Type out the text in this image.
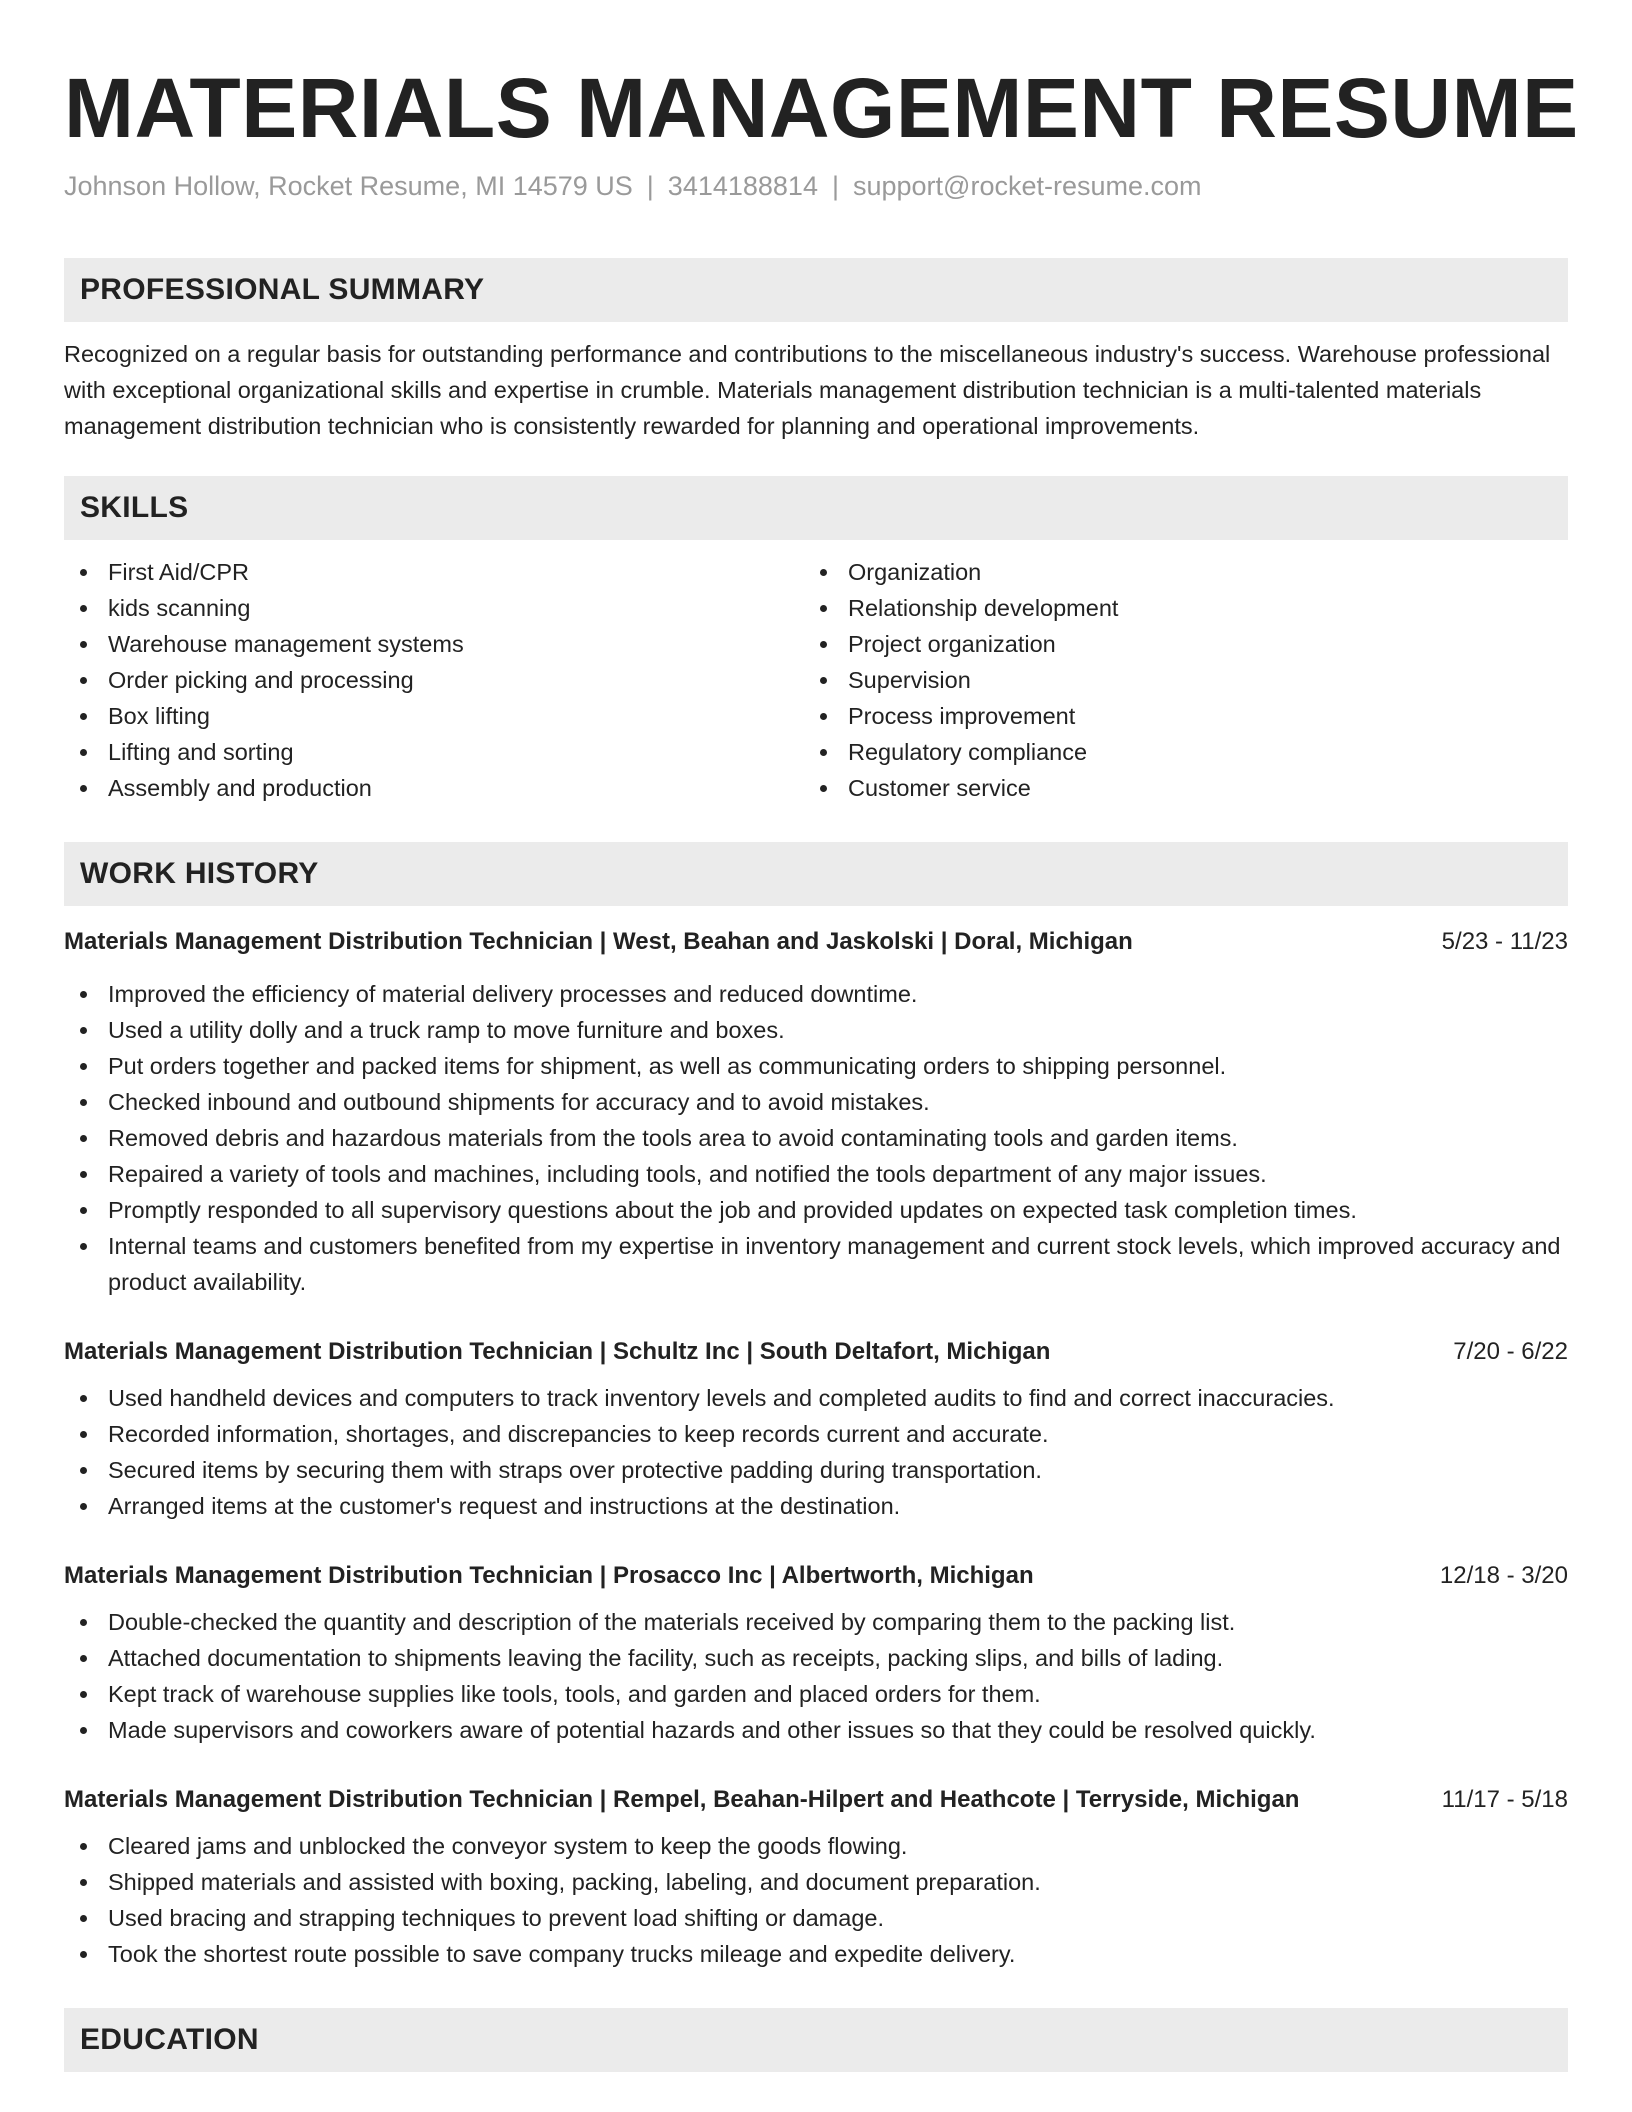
MATERIALS MANAGEMENT RESUME
Johnson Hollow, Rocket Resume, MI 14579 US | 3414188814 | support@rocket-resume.com
PROFESSIONAL SUMMARY

Recognized on a regular basis for outstanding performance and contributions to the miscellaneous industry's success. Warehouse professional with exceptional organizational skills and expertise in crumble. Materials management distribution technician is a multi-talented materials management distribution technician who is consistently rewarded for planning and operational improvements.

SKILLS
First Aid/CPR
kids scanning
Warehouse management systems
Order picking and processing
Box lifting
Lifting and sorting
Assembly and production
Organization
Relationship development
Project organization
Supervision
Process improvement
Regulatory compliance
Customer service
WORK HISTORY
Materials Management Distribution Technician | West, Beahan and Jaskolski | Doral, Michigan	5/23 - 11/23
Improved the efficiency of material delivery processes and reduced downtime.
Used a utility dolly and a truck ramp to move furniture and boxes.
Put orders together and packed items for shipment, as well as communicating orders to shipping personnel.
Checked inbound and outbound shipments for accuracy and to avoid mistakes.
Removed debris and hazardous materials from the tools area to avoid contaminating tools and garden items.
Repaired a variety of tools and machines, including tools, and notified the tools department of any major issues.
Promptly responded to all supervisory questions about the job and provided updates on expected task completion times.
Internal teams and customers benefited from my expertise in inventory management and current stock levels, which improved accuracy and product availability.
Materials Management Distribution Technician | Schultz Inc | South Deltafort, Michigan	7/20 - 6/22
Used handheld devices and computers to track inventory levels and completed audits to find and correct inaccuracies.
Recorded information, shortages, and discrepancies to keep records current and accurate.
Secured items by securing them with straps over protective padding during transportation.
Arranged items at the customer's request and instructions at the destination.
Materials Management Distribution Technician | Prosacco Inc | Albertworth, Michigan	12/18 - 3/20
Double-checked the quantity and description of the materials received by comparing them to the packing list.
Attached documentation to shipments leaving the facility, such as receipts, packing slips, and bills of lading.
Kept track of warehouse supplies like tools, tools, and garden and placed orders for them.
Made supervisors and coworkers aware of potential hazards and other issues so that they could be resolved quickly.
Materials Management Distribution Technician | Rempel, Beahan-Hilpert and Heathcote | Terryside, Michigan	11/17 - 5/18
Cleared jams and unblocked the conveyor system to keep the goods flowing.
Shipped materials and assisted with boxing, packing, labeling, and document preparation.
Used bracing and strapping techniques to prevent load shifting or damage.
Took the shortest route possible to save company trucks mileage and expedite delivery.
EDUCATION
